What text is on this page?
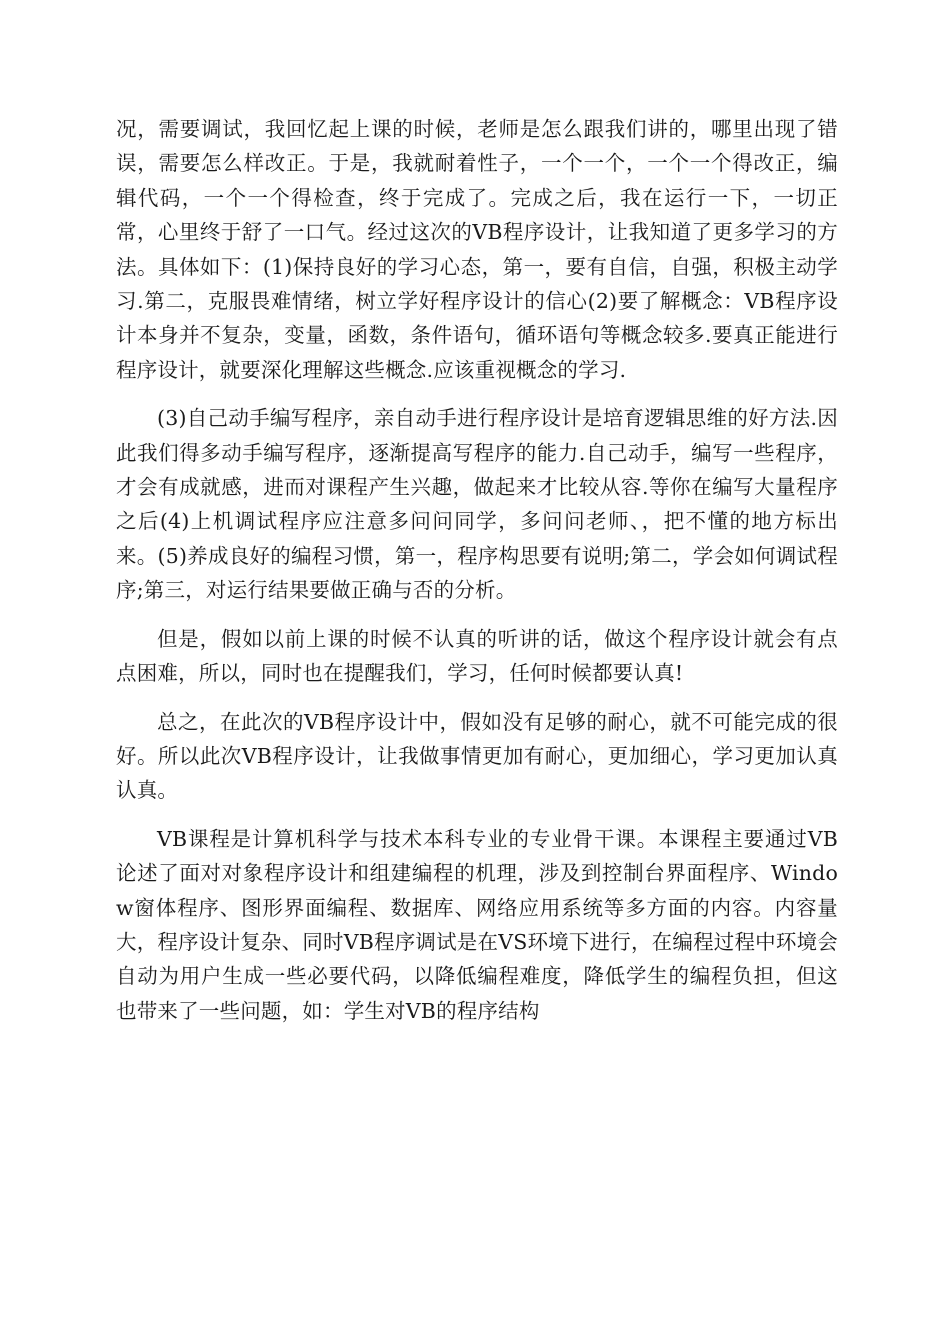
况，需要调试，我回忆起上课的时候，老师是怎么跟我们讲的，哪里出现了错误，需要怎么样改正。于是，我就耐着性子，一个一个，一个一个得改正，编辑代码，一个一个得检查，终于完成了。完成之后，我在运行一下，一切正常，心里终于舒了一口气。经过这次的VB程序设计，让我知道了更多学习的方法。具体如下：(1)保持良好的学习心态，第一，要有自信，自强，积极主动学习.第二，克服畏难情绪，树立学好程序设计的信心(2)要了解概念：VB程序设计本身并不复杂，变量，函数，条件语句，循环语句等概念较多.要真正能进行程序设计，就要深化理解这些概念.应该重视概念的学习.

(3)自己动手编写程序，亲自动手进行程序设计是培育逻辑思维的好方法.因此我们得多动手编写程序，逐渐提高写程序的能力.自己动手，编写一些程序，才会有成就感，进而对课程产生兴趣，做起来才比较从容.等你在编写大量程序之后(4)上机调试程序应注意多问问同学，多问问老师、，把不懂的地方标出来。(5)养成良好的编程习惯，第一，程序构思要有说明;第二，学会如何调试程序;第三，对运行结果要做正确与否的分析。

但是，假如以前上课的时候不认真的听讲的话，做这个程序设计就会有点点困难，所以，同时也在提醒我们，学习，任何时候都要认真!

总之，在此次的VB程序设计中，假如没有足够的耐心，就不可能完成的很好。所以此次VB程序设计，让我做事情更加有耐心，更加细心，学习更加认真认真。

VB课程是计算机科学与技术本科专业的专业骨干课。本课程主要通过VB论述了面对对象程序设计和组建编程的机理，涉及到控制台界面程序、Window窗体程序、图形界面编程、数据库、网络应用系统等多方面的内容。内容量大，程序设计复杂、同时VB程序调试是在VS环境下进行，在编程过程中环境会自动为用户生成一些必要代码，以降低编程难度，降低学生的编程负担，但这也带来了一些问题，如：学生对VB的程序结构
